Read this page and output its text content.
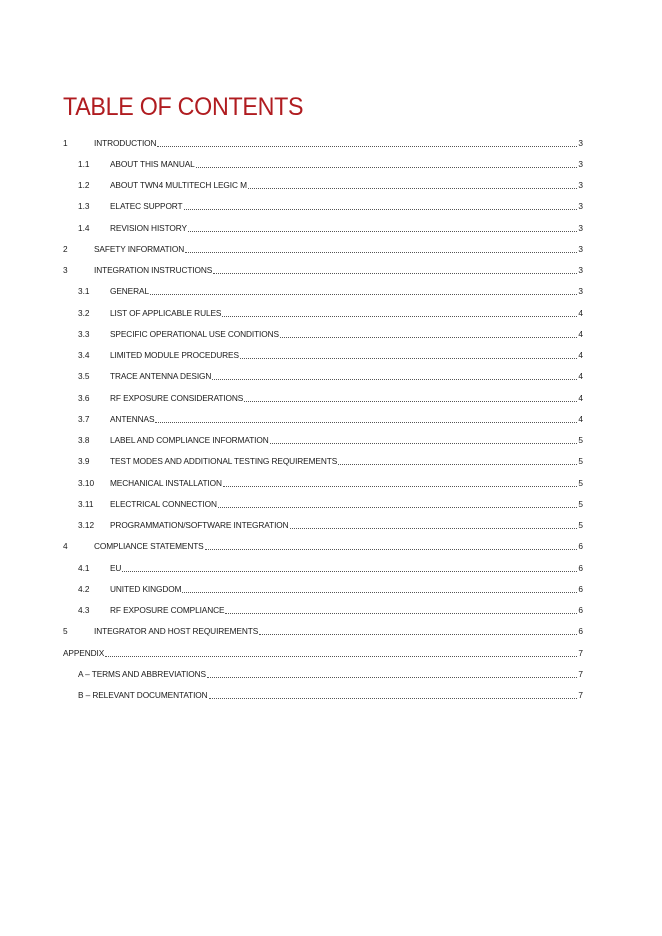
TABLE OF CONTENTS
1	INTRODUCTION	3
1.1	ABOUT THIS MANUAL	3
1.2	ABOUT TWN4 MULTITECH LEGIC M	3
1.3	ELATEC SUPPORT	3
1.4	REVISION HISTORY	3
2	SAFETY INFORMATION	3
3	INTEGRATION INSTRUCTIONS	3
3.1	GENERAL	3
3.2	LIST OF APPLICABLE RULES	4
3.3	SPECIFIC OPERATIONAL USE CONDITIONS	4
3.4	LIMITED MODULE PROCEDURES	4
3.5	TRACE ANTENNA DESIGN	4
3.6	RF EXPOSURE CONSIDERATIONS	4
3.7	ANTENNAS	4
3.8	LABEL AND COMPLIANCE INFORMATION	5
3.9	TEST MODES AND ADDITIONAL TESTING REQUIREMENTS	5
3.10	MECHANICAL INSTALLATION	5
3.11	ELECTRICAL CONNECTION	5
3.12	PROGRAMMATION/SOFTWARE INTEGRATION	5
4	COMPLIANCE STATEMENTS	6
4.1	EU	6
4.2	UNITED KINGDOM	6
4.3	RF EXPOSURE COMPLIANCE	6
5	INTEGRATOR AND HOST REQUIREMENTS	6
APPENDIX	7
A – TERMS AND ABBREVIATIONS	7
B – RELEVANT DOCUMENTATION	7
